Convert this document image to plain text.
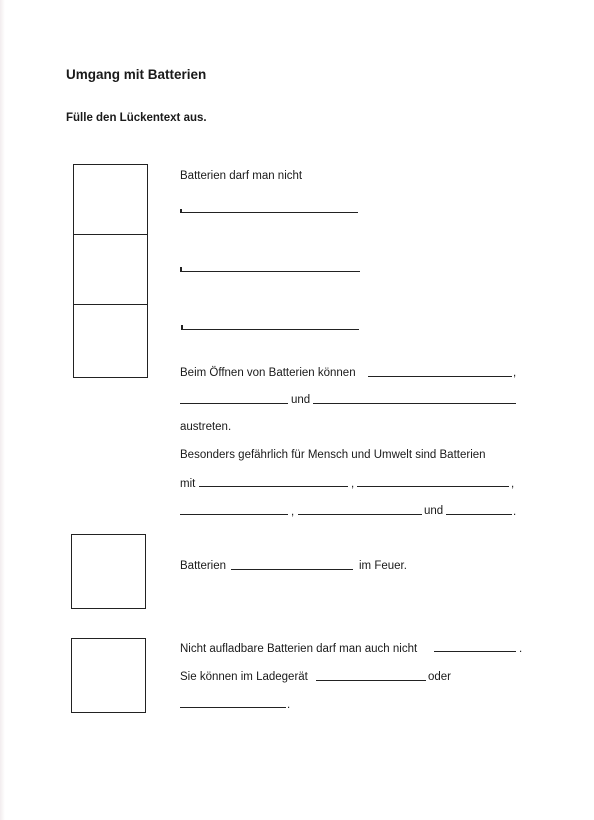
Umgang mit Batterien
Fülle den Lückentext aus.
Batterien darf man nicht
Beim Öffnen von Batterien können	,
und
austreten.
Besonders gefährlich für Mensch und Umwelt sind Batterien
mit	,	,
,	und	.
Batterien	im Feuer.
Nicht aufladbare Batterien darf man auch nicht	.
Sie können im Ladegerät	oder
.
